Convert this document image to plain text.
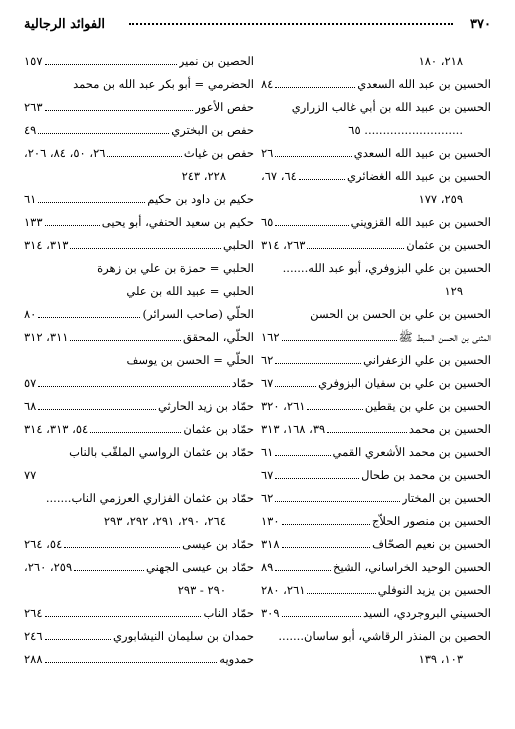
٣٧٠
الفوائد الرجالية
٢١٨، ١٨٠
الحسين بن عبد الله السعدي
٨٤
الحسين بن عبيد الله بن أبي غالب الزراري
........................... ٦٥
الحسين بن عبيد الله السعدي
٢٦
الحسين بن عبيد الله الغضائري
٦٤، ٦٧،
٢٥٩، ١٧٧
الحسين بن عبيد الله القزويني
٦٥
الحسين بن عثمان
٢٦٣، ٣١٤
الحسين بن علي البزوفري، أبو عبد الله.......
١٢٩
الحسين بن علي بن الحسن بن الحسن
المثنى بن الحسن السبط ﷺ
١٦٢
الحسين بن علي الزعفراني
٦٢
الحسين بن علي بن سفيان البزوفري
٦٧
الحسين بن علي بن يقطين
٢٦١، ٣٢٠
الحسين بن محمد
٣٩، ١٦٨، ٣١٣
الحسين بن محمد الأشعري القمي
٦١
الحسين بن محمد بن طحال
٦٧
الحسين بن المختار
٦٢
الحسين بن منصور الحلاّج
١٣٠
الحسين بن نعيم الصحّاف
٣١٨
الحسين الوحيد الخراساني، الشيخ
٨٩
الحسين بن يزيد النوفلي
٢٦١، ٢٨٠
الحسيني البروجردي، السيد
٣٠٩
الحصين بن المنذر الرقاشي، أبو ساسان.......
١٠٣، ١٣٩
الحصين بن نمير
١٥٧
الحضرمي = أبو بكر عبد الله بن محمد
حفص الأعور
٢٦٣
حفص بن البختري
٤٩
حفص بن غياث
٢٦، ٥٠، ٨٤، ٢٠٦،
٢٢٨، ٢٤٣
حكيم بن داود بن حكيم
٦١
حكيم بن سعيد الحنفي، أبو يحيى
١٣٣
الحلبي
٣١٣، ٣١٤
الحلبي = حمزة بن علي بن زهرة
الحلبي = عبيد الله بن علي
الحلّي (صاحب السرائر)
٨٠
الحلّي، المحقق
٣١١، ٣١٢
الحلّي = الحسن بن يوسف
حمّاد
٥٧
حمّاد بن زيد الحارثي
٦٨
حمّاد بن عثمان
٥٤، ٣١٣، ٣١٤
حمّاد بن عثمان الرواسي الملقّب بالناب
٧٧
حمّاد بن عثمان الفزاري العرزمي الناب.......
٢٦٤، ٢٩٠، ٢٩١، ٢٩٢، ٢٩٣
حمّاد بن عيسى
٥٤، ٢٦٤
حمّاد بن عيسى الجهني
٢٥٩، ٢٦٠،
٢٩٠ - ٢٩٣
حمّاد الناب
٢٦٤
حمدان بن سليمان النيشابوري
٢٤٦
حمدويه
٢٨٨
